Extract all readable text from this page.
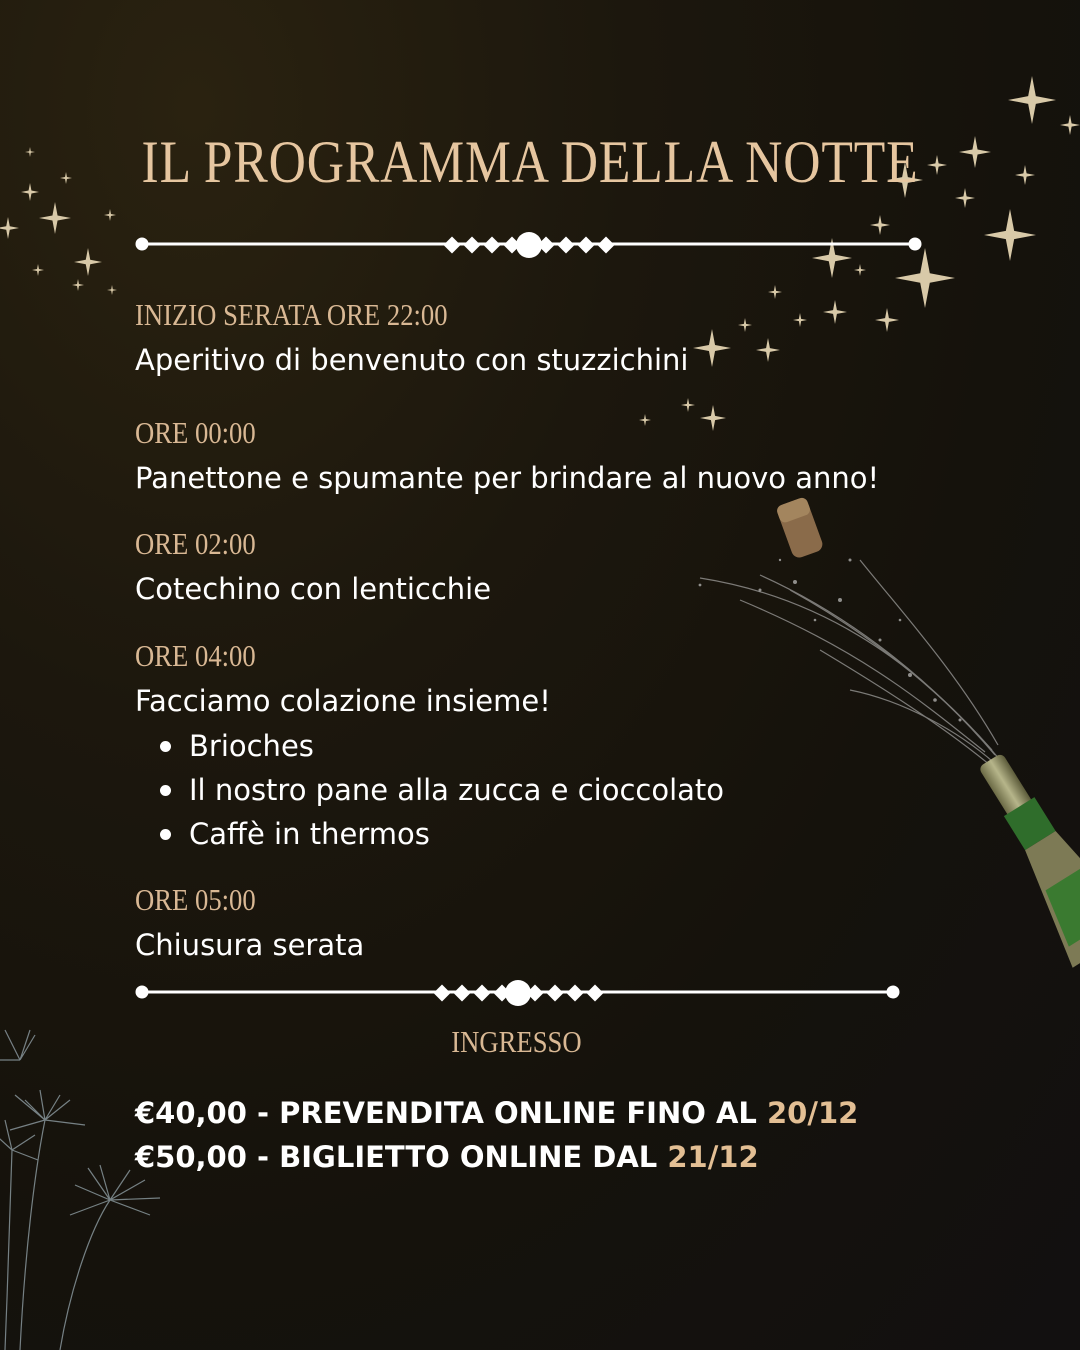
IL PROGRAMMA DELLA NOTTE
INIZIO SERATA ORE 22:00
Aperitivo di benvenuto con stuzzichini
ORE 00:00
Panettone e spumante per brindare al nuovo anno!
ORE 02:00
Cotechino con lenticchie
ORE 04:00
Facciamo colazione insieme!
Brioches
Il nostro pane alla zucca e cioccolato
Caffè in thermos
ORE 05:00
Chiusura serata
INGRESSO
€40,00 - PREVENDITA ONLINE FINO AL 20/12
€50,00 - BIGLIETTO ONLINE DAL 21/12
